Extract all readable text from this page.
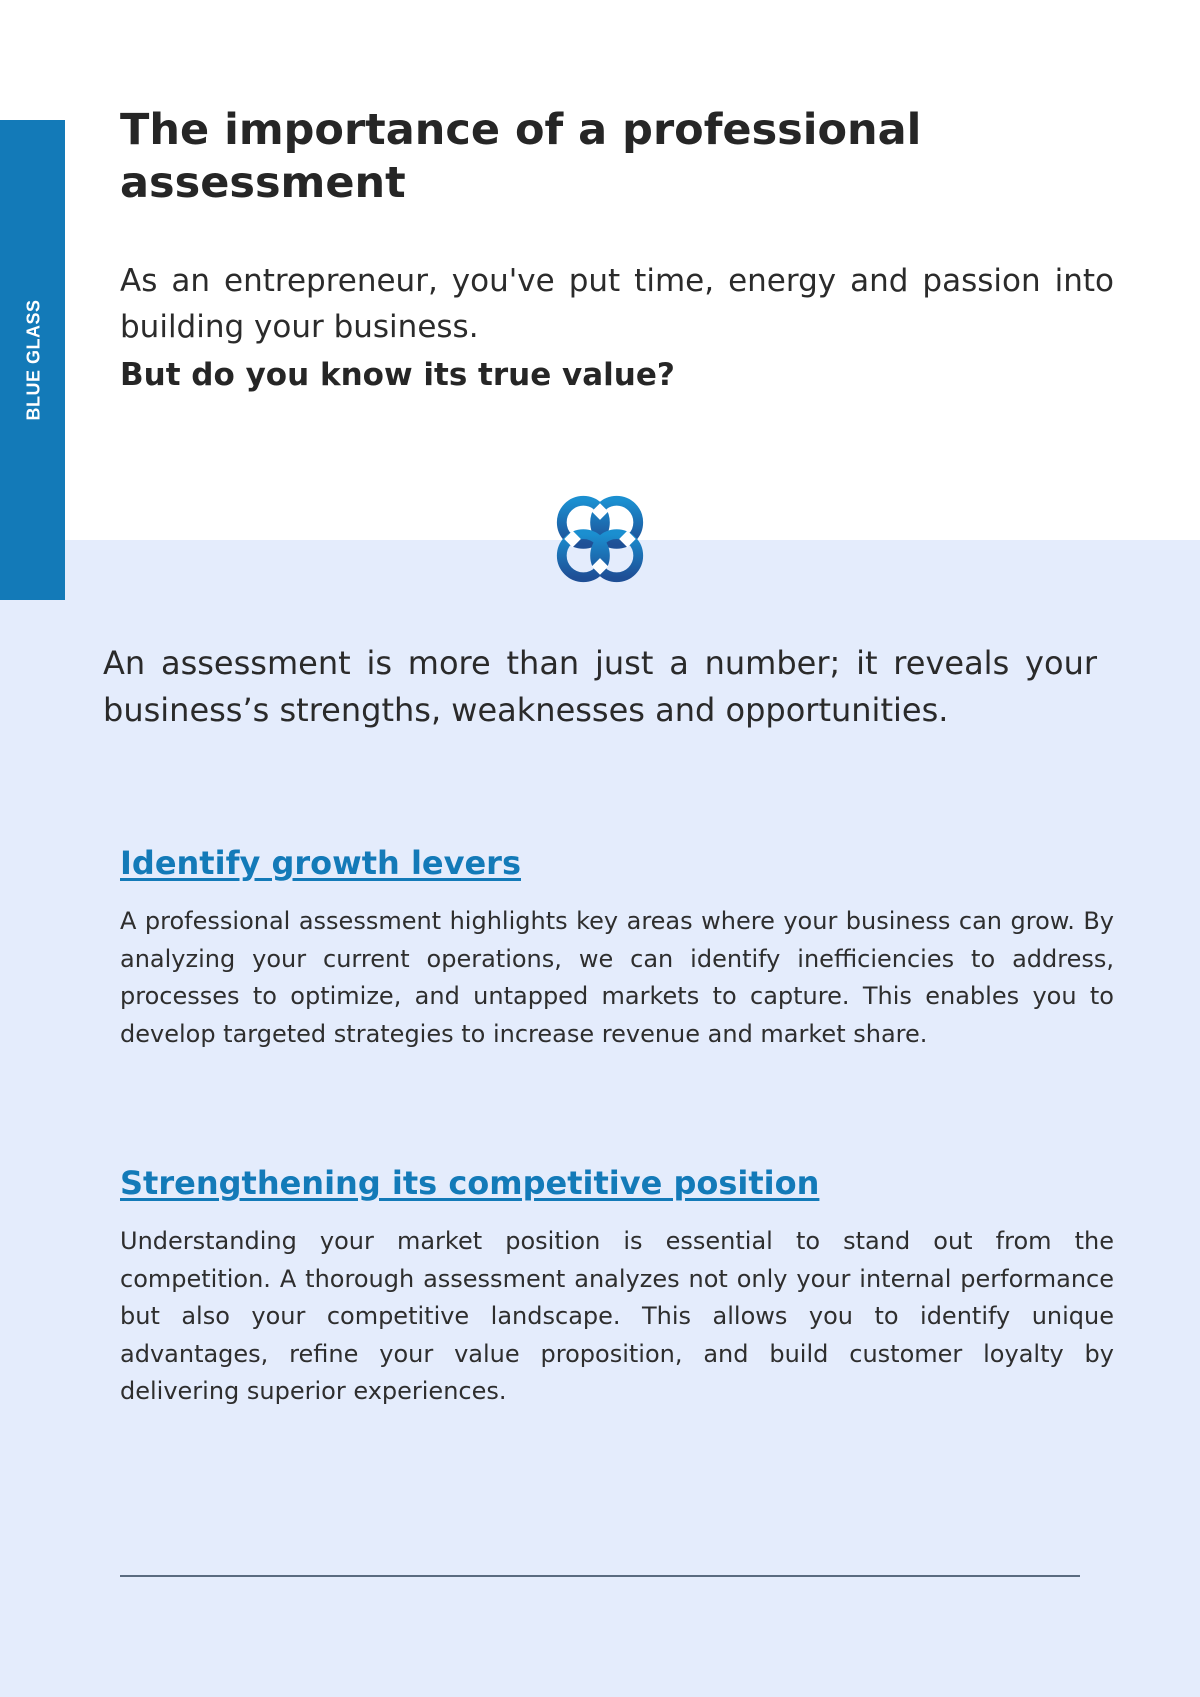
BLUE GLASS
The importance of a professional assessment

As an entrepreneur, you've put time, energy and passion into building your business.

But do you know its true value?

An assessment is more than just a number; it reveals your business’s strengths, weaknesses and opportunities.

Identify growth levers

A professional assessment highlights key areas where your business can grow. By analyzing your current operations, we can identify inefficiencies to address, processes to optimize, and untapped markets to capture. This enables you to develop targeted strategies to increase revenue and market share.

Strengthening its competitive position

Understanding your market position is essential to stand out from the competition. A thorough assessment analyzes not only your internal performance but also your competitive landscape. This allows you to identify unique advantages, refine your value proposition, and build customer loyalty by delivering superior experiences.
